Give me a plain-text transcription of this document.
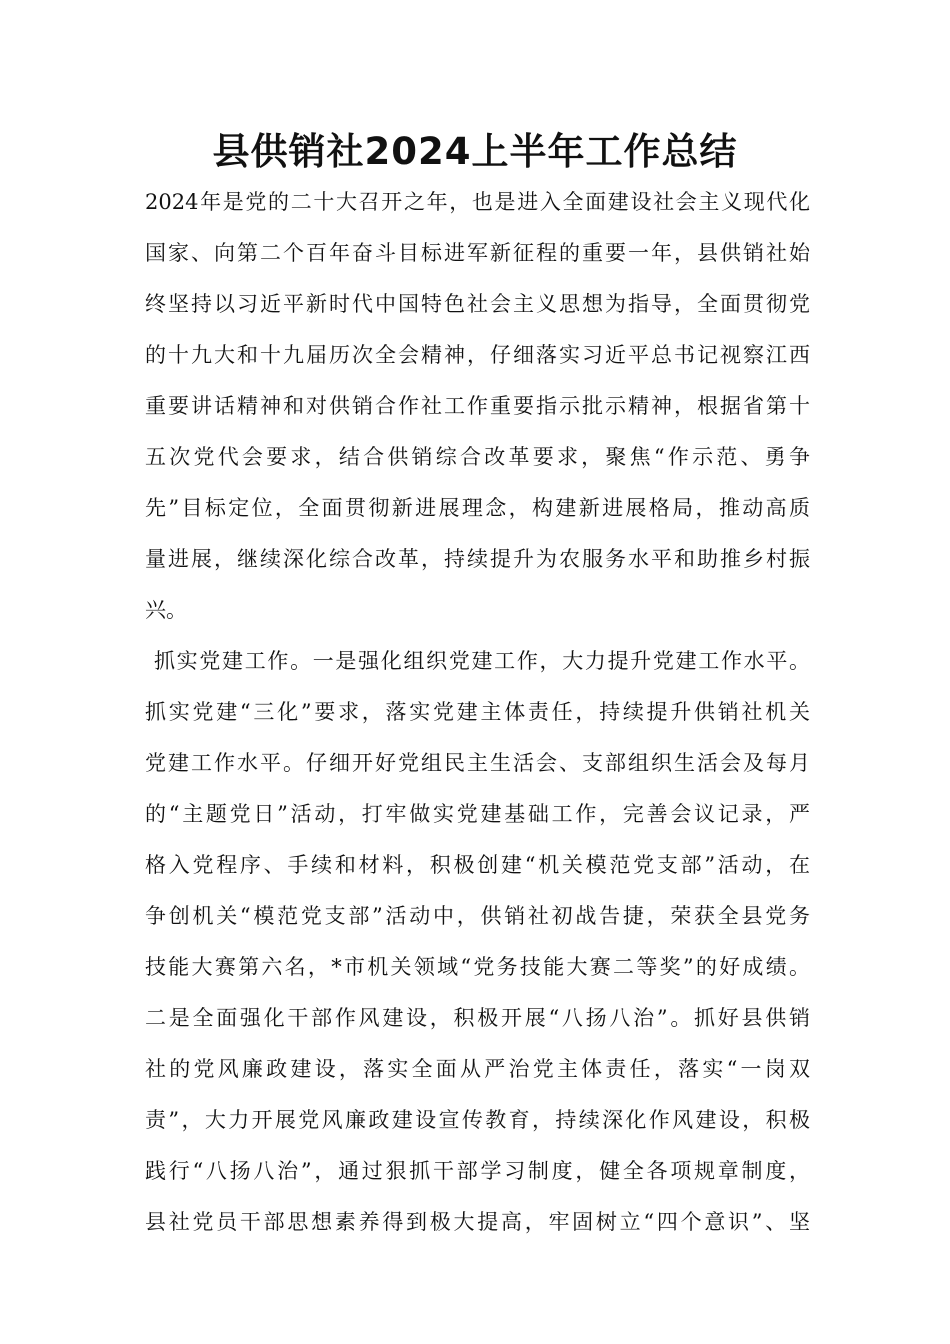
县供销社2024上半年工作总结
2024年是党的二十大召开之年，也是进入全面建设社会主义现代化
国家、向第二个百年奋斗目标进军新征程的重要一年，县供销社始
终坚持以习近平新时代中国特色社会主义思想为指导，全面贯彻党
的十九大和十九届历次全会精神，仔细落实习近平总书记视察江西
重要讲话精神和对供销合作社工作重要指示批示精神，根据省第十
五次党代会要求，结合供销综合改革要求，聚焦“作示范、勇争
先”目标定位，全面贯彻新进展理念，构建新进展格局，推动高质
量进展，继续深化综合改革，持续提升为农服务水平和助推乡村振
兴。
抓实党建工作。一是强化组织党建工作，大力提升党建工作水平。
抓实党建“三化”要求，落实党建主体责任，持续提升供销社机关
党建工作水平。仔细开好党组民主生活会、支部组织生活会及每月
的“主题党日”活动，打牢做实党建基础工作，完善会议记录，严
格入党程序、手续和材料，积极创建“机关模范党支部”活动，在
争创机关“模范党支部”活动中，供销社初战告捷，荣获全县党务
技能大赛第六名，*市机关领域“党务技能大赛二等奖”的好成绩。
二是全面强化干部作风建设，积极开展“八扬八治”。抓好县供销
社的党风廉政建设，落实全面从严治党主体责任，落实“一岗双
责”，大力开展党风廉政建设宣传教育，持续深化作风建设，积极
践行“八扬八治”，通过狠抓干部学习制度，健全各项规章制度，
县社党员干部思想素养得到极大提高，牢固树立“四个意识”、坚
